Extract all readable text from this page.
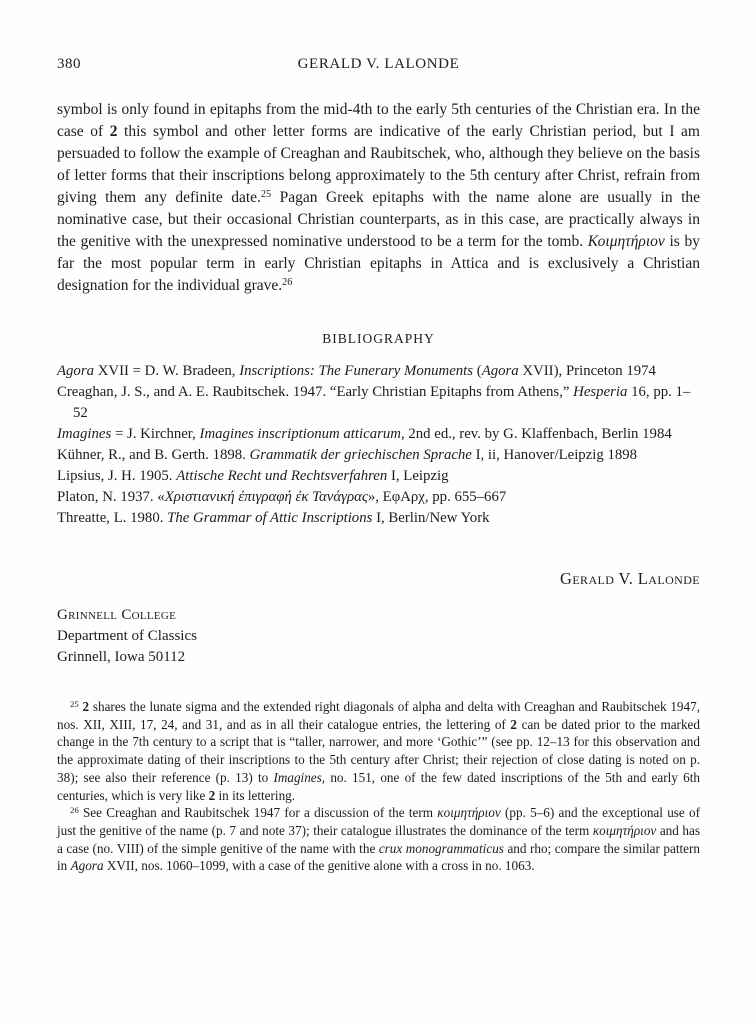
380	GERALD V. LALONDE

symbol is only found in epitaphs from the mid-4th to the early 5th centuries of the Christian era. In the case of 2 this symbol and other letter forms are indicative of the early Christian period, but I am persuaded to follow the example of Creaghan and Raubitschek, who, although they believe on the basis of letter forms that their inscriptions belong approximately to the 5th century after Christ, refrain from giving them any definite date.$^{25}$ Pagan Greek epitaphs with the name alone are usually in the nominative case, but their occasional Christian counterparts, as in this case, are practically always in the genitive with the unexpressed nominative understood to be a term for the tomb. Κοιμητήριον is by far the most popular term in early Christian epitaphs in Attica and is exclusively a Christian designation for the individual grave.$^{26}$

BIBLIOGRAPHY
Agora XVII = D. W. Bradeen, Inscriptions: The Funerary Monuments (Agora XVII), Princeton 1974
Creaghan, J. S., and A. E. Raubitschek. 1947. “Early Christian Epitaphs from Athens,” Hesperia 16, pp. 1–52
Imagines = J. Kirchner, Imagines inscriptionum atticarum, 2nd ed., rev. by G. Klaffenbach, Berlin 1984
Kühner, R., and B. Gerth. 1898. Grammatik der griechischen Sprache I, ii, Hanover/Leipzig 1898
Lipsius, J. H. 1905. Attische Recht und Rechtsverfahren I, Leipzig
Platon, N. 1937. «Χριστιανική ἐπιγραφή ἐκ Τανάγρας», ΕφΑρχ, pp. 655–667
Threatte, L. 1980. The Grammar of Attic Inscriptions I, Berlin/New York
Gerald V. Lalonde
Grinnell College
Department of Classics
Grinnell, Iowa 50112
$^{25}$ 2 shares the lunate sigma and the extended right diagonals of alpha and delta with Creaghan and Raubitschek 1947, nos. XII, XIII, 17, 24, and 31, and as in all their catalogue entries, the lettering of 2 can be dated prior to the marked change in the 7th century to a script that is “taller, narrower, and more ‘Gothic’” (see pp. 12–13 for this observation and the approximate dating of their inscriptions to the 5th century after Christ; their rejection of close dating is noted on p. 38); see also their reference (p. 13) to Imagines, no. 151, one of the few dated inscriptions of the 5th and early 6th centuries, which is very like 2 in its lettering.
$^{26}$ See Creaghan and Raubitschek 1947 for a discussion of the term κοιμητήριον (pp. 5–6) and the exceptional use of just the genitive of the name (p. 7 and note 37); their catalogue illustrates the dominance of the term κοιμητήριον and has a case (no. VIII) of the simple genitive of the name with the crux monogrammaticus and rho; compare the similar pattern in Agora XVII, nos. 1060–1099, with a case of the genitive alone with a cross in no. 1063.
